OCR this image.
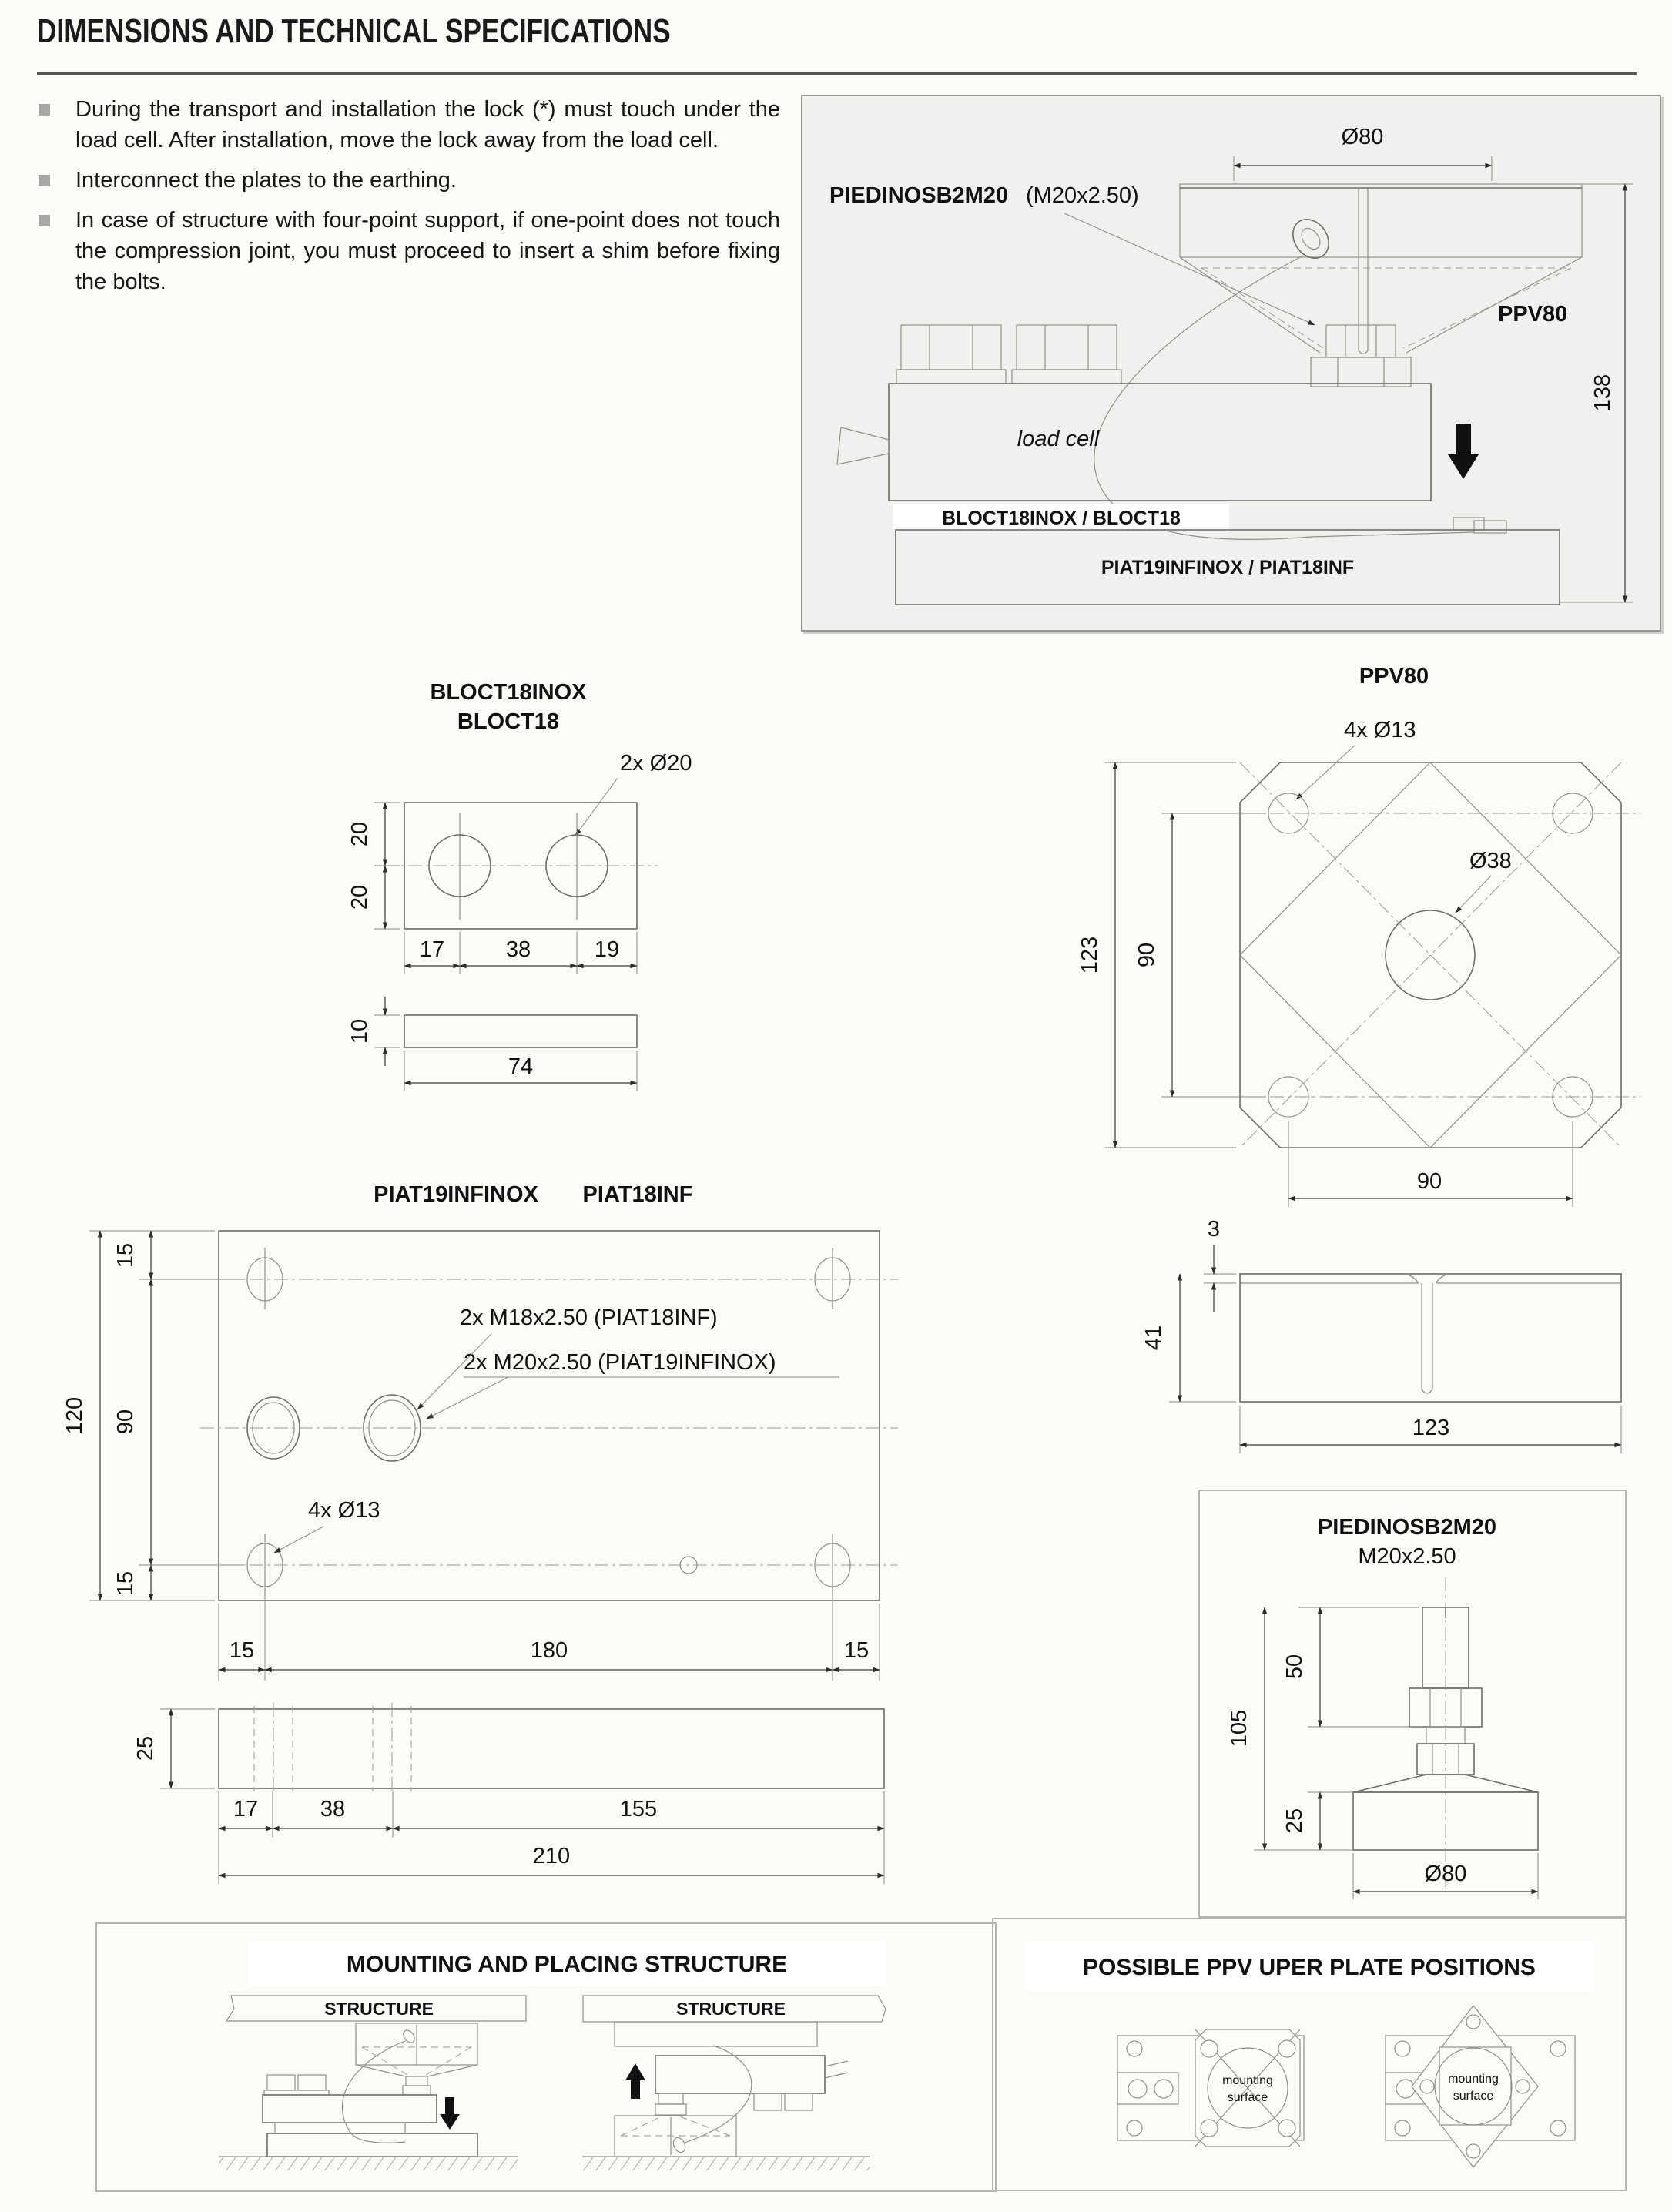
DIMENSIONS AND TECHNICAL SPECIFICATIONS
During the transport and installation the lock (*) must touch under the load cell. After installation, move the lock away from the load cell.
Interconnect the plates to the earthing.
In case of structure with four-point support, if one-point does not touch the compression joint, you must proceed to insert a shim before fixing the bolts.
Ø80
PIEDINOSB2M20 (M20x2.50)
PPV80
load cell
138
BLOCT18INOX / BLOCT18
PIAT19INFINOX / PIAT18INF
BLOCT18INOX
BLOCT18
2x Ø20
20
20
17	38	19
10
74
PPV80
4x Ø13
Ø38
123 90
90
3
41
123
PIAT19INFINOX PIAT18INF
2x M18x2.50 (PIAT18INF)
2x M20x2.50 (PIAT19INFINOX)
4x Ø13
120
15
90
15
15	180	15
25
17	38	155
210
PIEDINOSB2M20
M20x2.50
50
105
25
Ø80
MOUNTING AND PLACING STRUCTURE
STRUCTURE	STRUCTURE
POSSIBLE PPV UPER PLATE POSITIONS
mounting
surface
mounting
surface
